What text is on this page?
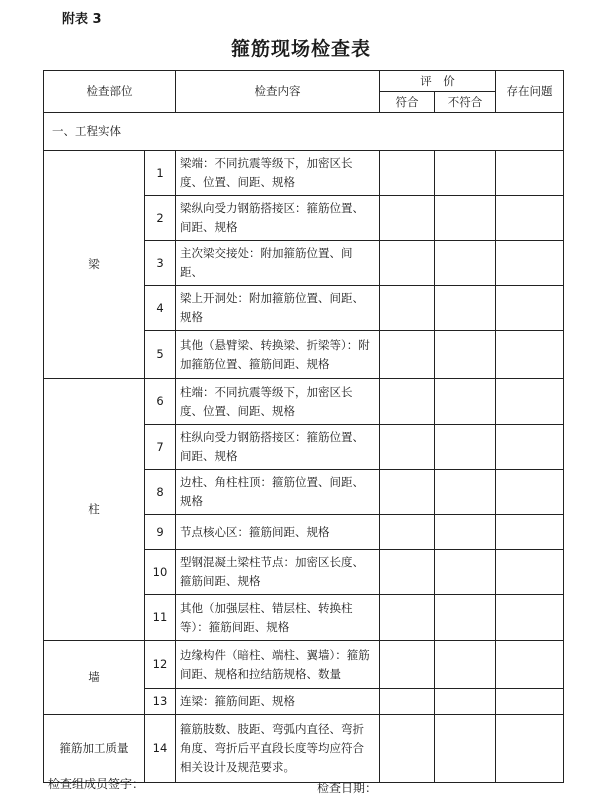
附表 3
箍筋现场检查表
检查部位		检查内容	评　价		存在问题
			符合	不符合	
一、工程实体					
梁	1	梁端：不同抗震等级下，加密区长度、位置、间距、规格			
	2	梁纵向受力钢筋搭接区：箍筋位置、间距、规格			
	3	主次梁交接处：附加箍筋位置、间距、			
	4	梁上开洞处：附加箍筋位置、间距、规格			
	5	其他（悬臂梁、转换梁、折梁等）：附加箍筋位置、箍筋间距、规格			
柱	6	柱端：不同抗震等级下，加密区长度、位置、间距、规格			
	7	柱纵向受力钢筋搭接区：箍筋位置、间距、规格			
	8	边柱、角柱柱顶：箍筋位置、间距、规格			
	9	节点核心区：箍筋间距、规格			
	10	型钢混凝土梁柱节点：加密区长度、箍筋间距、规格			
	11	其他（加强层柱、错层柱、转换柱等）：箍筋间距、规格			
墙	12	边缘构件（暗柱、端柱、翼墙）：箍筋间距、规格和拉结筋规格、数量			
	13	连梁：箍筋间距、规格			
箍筋加工质量	14	箍筋肢数、肢距、弯弧内直径、弯折角度、弯折后平直段长度等均应符合相关设计及规范要求。			
检查组成员签字：	检查日期：
